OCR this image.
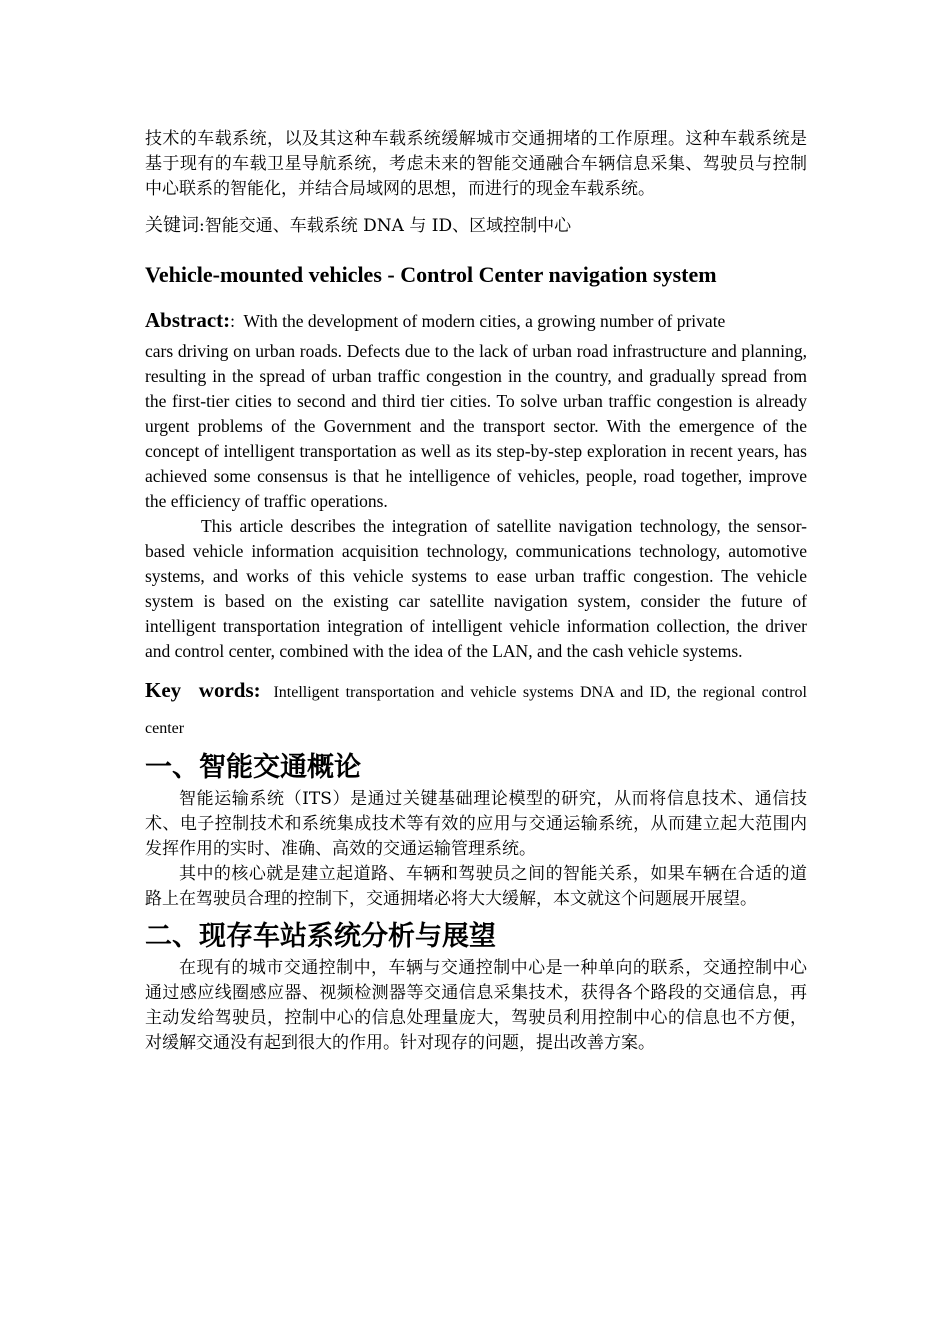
技术的车载系统，以及其这种车载系统缓解城市交通拥堵的工作原理。这种车载系统是基于现有的车载卫星导航系统，考虑未来的智能交通融合车辆信息采集、驾驶员与控制中心联系的智能化，并结合局域网的思想，而进行的现金车载系统。

关键词:智能交通、车载系统 DNA 与 ID、区域控制中心

Vehicle-mounted vehicles - Control Center navigation system

Abstract:: With the development of modern cities, a growing number of private

cars driving on urban roads. Defects due to the lack of urban road infrastructure and planning, resulting in the spread of urban traffic congestion in the country, and gradually spread from the first-tier cities to second and third tier cities. To solve urban traffic congestion is already urgent problems of the Government and the transport sector. With the emergence of the concept of intelligent transportation as well as its step-by-step exploration in recent years, has achieved some consensus is that he intelligence of vehicles, people, road together, improve the efficiency of traffic operations.

This article describes the integration of satellite navigation technology, the sensor-based vehicle information acquisition technology, communications technology, automotive systems, and works of this vehicle systems to ease urban traffic congestion. The vehicle system is based on the existing car satellite navigation system, consider the future of intelligent transportation integration of intelligent vehicle information collection, the driver and control center, combined with the idea of the LAN, and the cash vehicle systems.

Key words: Intelligent transportation and vehicle systems DNA and ID, the regional control center

一、智能交通概论

智能运输系统（ITS）是通过关键基础理论模型的研究，从而将信息技术、通信技术、电子控制技术和系统集成技术等有效的应用与交通运输系统，从而建立起大范围内发挥作用的实时、准确、高效的交通运输管理系统。

其中的核心就是建立起道路、车辆和驾驶员之间的智能关系，如果车辆在合适的道路上在驾驶员合理的控制下，交通拥堵必将大大缓解，本文就这个问题展开展望。

二、现存车站系统分析与展望

在现有的城市交通控制中，车辆与交通控制中心是一种单向的联系，交通控制中心通过感应线圈感应器、视频检测器等交通信息采集技术，获得各个路段的交通信息，再主动发给驾驶员，控制中心的信息处理量庞大，驾驶员利用控制中心的信息也不方便，对缓解交通没有起到很大的作用。针对现存的问题，提出改善方案。
